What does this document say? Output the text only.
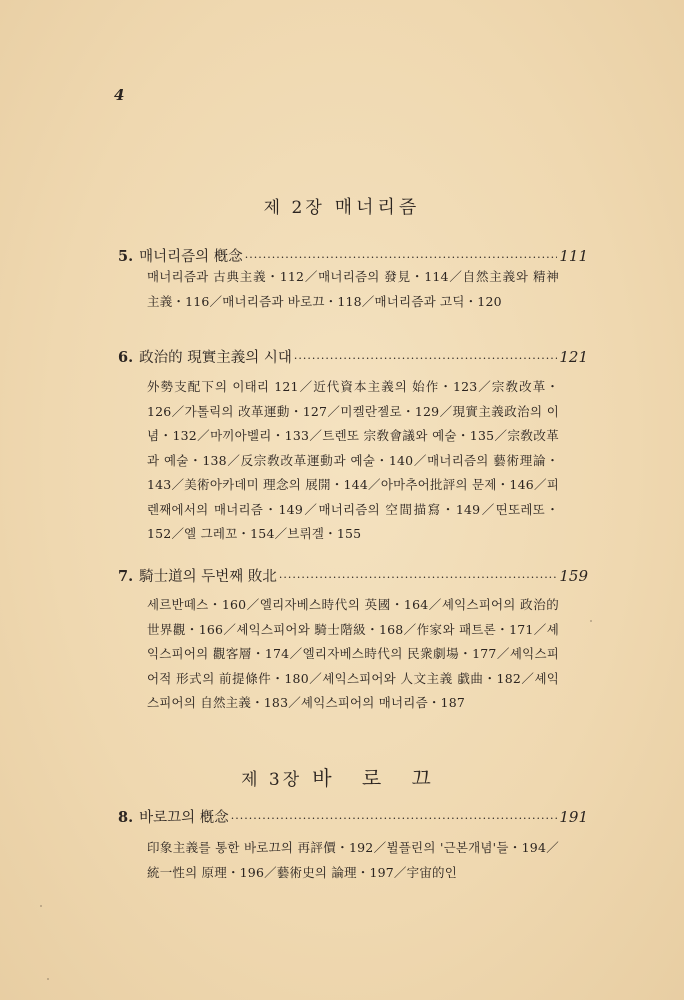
4
제 2장 매너리즘
5. 매너리즘의 槪念 ·····	111
매너리즘과 古典主義・112／매너리즘의 發見・114／自然主義와 精神主義・116／매너리즘과 바로끄・118／매너리즘과 고딕・120
6. 政治的 現實主義의 시대 ·····	121
外勢支配下의 이태리 121／近代資本主義의 始作・123／宗敎改革・126／가톨릭의 改革運動・127／미켈란젤로・129／現實主義政治의 이념・132／마끼아벨리・133／트렌또 宗敎會議와 예술・135／宗敎改革과 예술・138／反宗敎改革運動과 예술・140／매너리즘의 藝術理論・143／美術아카데미 理念의 展開・144／아마추어批評의 문제・146／피렌째에서의 매너리즘・149／매너리즘의 空間描寫・149／띤또레또・152／엘 그레꼬・154／브뤼겔・155
7. 騎士道의 두번째 敗北 ·····	159
세르반떼스・160／엘리자베스時代의 英國・164／셰익스피어의 政治的 世界觀・166／셰익스피어와 騎士階級・168／作家와 패트론・171／셰익스피어의 觀客層・174／엘리자베스時代의 民衆劇場・177／셰익스피어적 形式의 前提條件・180／셰익스피어와 人文主義 戱曲・182／셰익스피어의 自然主義・183／셰익스피어의 매너리즘・187
제 3장 바 로 끄
8. 바로끄의 槪念 ·····	191
印象主義를 통한 바로끄의 再評價・192／뷜플린의 '근본개념'들・194／統一性의 原理・196／藝術史의 論理・197／宇宙的인
